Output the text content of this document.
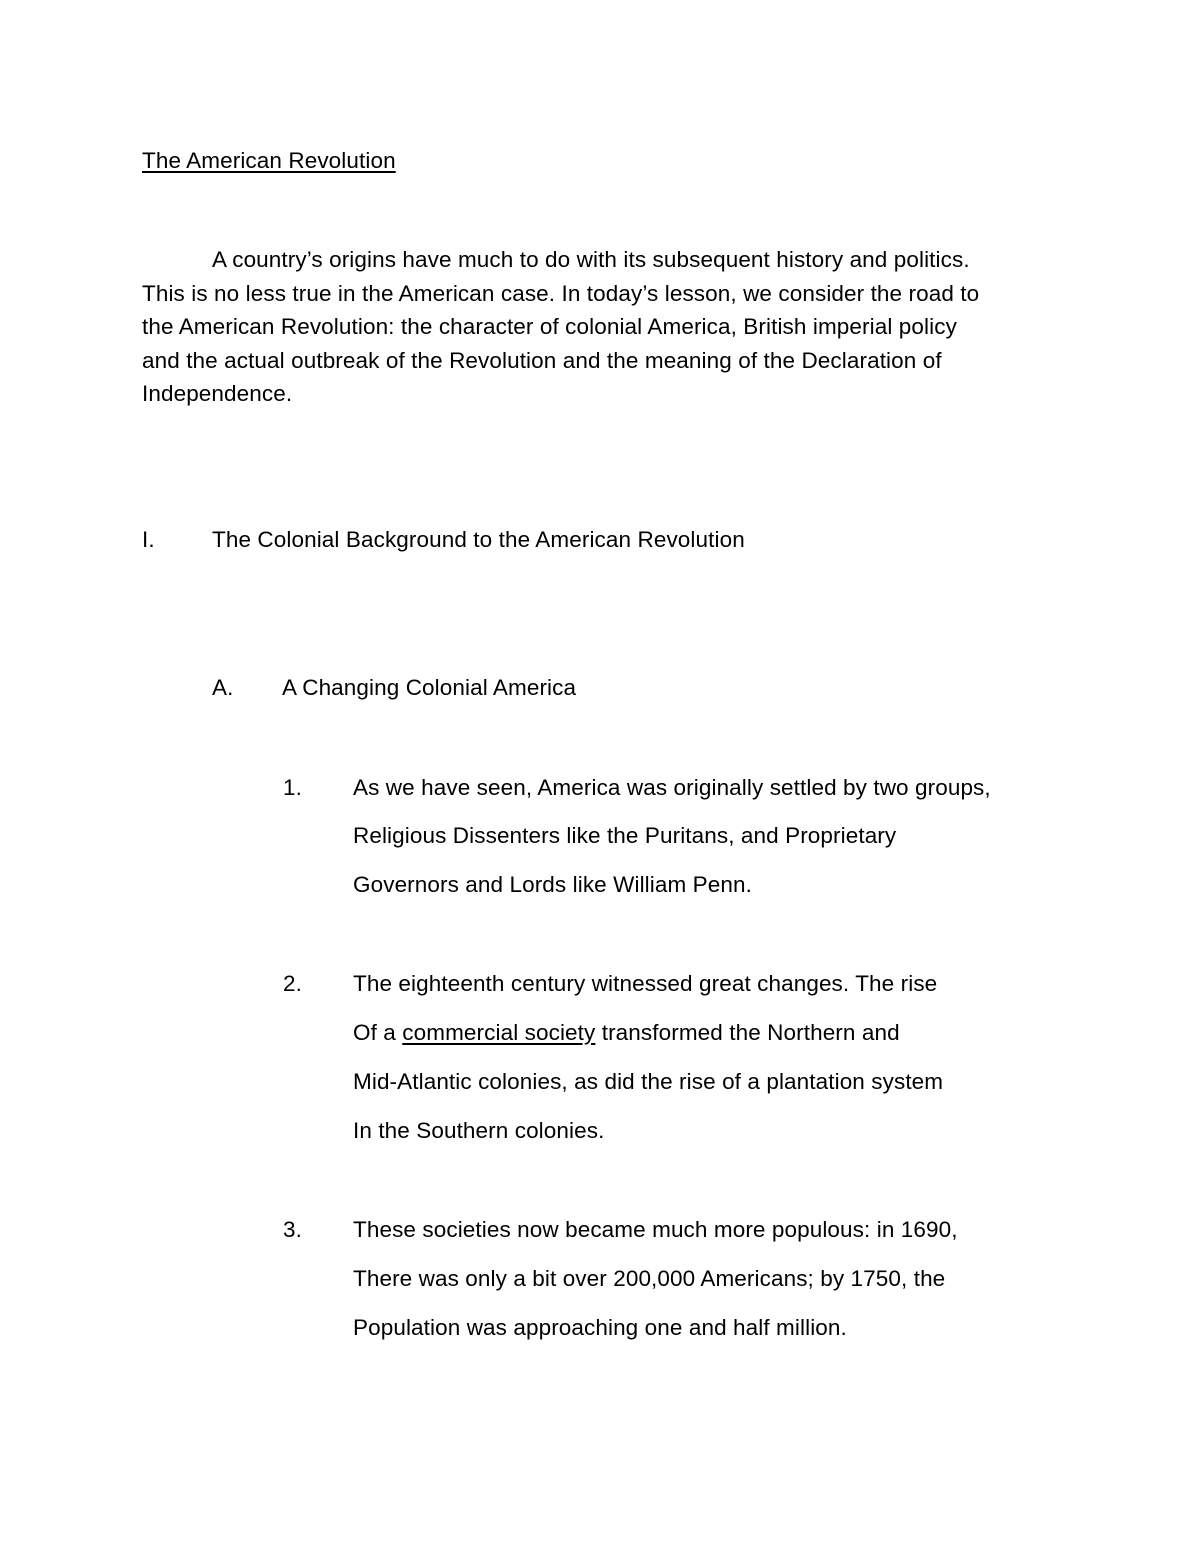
The American Revolution
A country’s origins have much to do with its subsequent history and politics.
This is no less true in the American case. In today’s lesson, we consider the road to
the American Revolution: the character of colonial America, British imperial policy
and the actual outbreak of the Revolution and the meaning of the Declaration of
Independence.
I.	The Colonial Background to the American Revolution
A. A Changing Colonial America
1. As we have seen, America was originally settled by two groups,
Religious Dissenters like the Puritans, and Proprietary
Governors and Lords like William Penn.
2. The eighteenth century witnessed great changes. The rise
Of a commercial society transformed the Northern and
Mid-Atlantic colonies, as did the rise of a plantation system
In the Southern colonies.
3. These societies now became much more populous: in 1690,
There was only a bit over 200,000 Americans; by 1750, the
Population was approaching one and half million.
